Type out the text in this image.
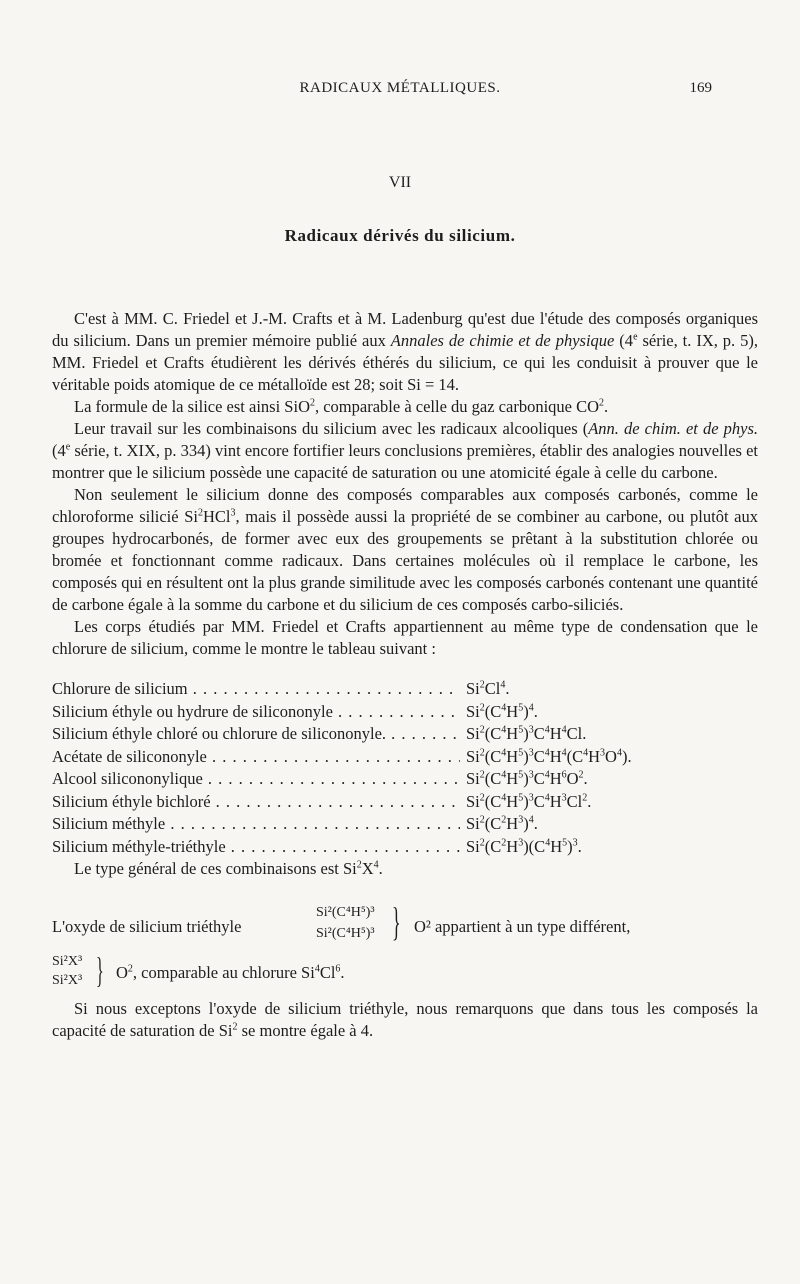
RADICAUX MÉTALLIQUES.	169
VII
Radicaux dérivés du silicium.

C'est à MM. C. Friedel et J.-M. Crafts et à M. Ladenburg qu'est due l'étude des composés organiques du silicium. Dans un premier mémoire publié aux Annales de chimie et de physique (4e série, t. IX, p. 5), MM. Friedel et Crafts étudièrent les dérivés éthérés du silicium, ce qui les conduisit à prouver que le véritable poids atomique de ce métalloïde est 28; soit Si = 14.

La formule de la silice est ainsi SiO$^2$, comparable à celle du gaz carbonique $CO^2$.

Leur travail sur les combinaisons du silicium avec les radicaux alcooliques (Ann. de chim. et de phys. (4e série, t. XIX, p. 334) vint encore fortifier leurs conclusions premières, établir des analogies nouvelles et montrer que le silicium possède une capacité de saturation ou une atomicité égale à celle du carbone.

Non seulement le silicium donne des composés comparables aux composés carbonés, comme le chloroforme silicié Si$^2$HCl$^3$, mais il possède aussi la propriété de se combiner au carbone, ou plutôt aux groupes hydrocarbonés, de former avec eux des groupements se prêtant à la substitution chlorée ou bromée et fonctionnant comme radicaux. Dans certaines molécules où il remplace le carbone, les composés qui en résultent ont la plus grande similitude avec les composés carbonés contenant une quantité de carbone égale à la somme du carbone et du silicium de ces composés carbo-siliciés.

Les corps étudiés par MM. Friedel et Crafts appartiennent au même type de condensation que le chlorure de silicium, comme le montre le tableau suivant :

Chlorure de silicium . . .	Si$^2$Cl$^4$.
Silicium éthyle ou hydrure de silicononyle . . .	$Si^2(C^4H^5)^4$.
Silicium éthyle chloré ou chlorure de silicononyle. . . .	$Si^2(C^4H^5)^3C^4H^4Cl$.
Acétate de silicononyle . . .	$Si^2(C^4H^5)^3C^4H^4(C^4H^3O^4)$.
Alcool silicononylique . . .	$Si^2(C^4H^5)^3C^4H^6O^2$.
Silicium éthyle bichloré . . .	$Si^2(C^4H^5)^3C^4H^3Cl^2$.
Silicium méthyle . . .	$Si^2(C^2H^3)^4$.
Silicium méthyle-triéthyle . . .	$Si^2(C^2H^3)(C^4H^5)^3$.

Le type général de ces combinaisons est $Si^2X^4$.

L'oxyde de silicium triéthyle
Si²(C⁴H⁵)³
Si²(C⁴H⁵)³ } O² appartient à un type différent,
Si²X³
Si²X³ } $O^2$, comparable au chlorure Si$^4$Cl$^6$.

Si nous exceptons l'oxyde de silicium triéthyle, nous remarquons que dans tous les composés la capacité de saturation de Si$^2$ se montre égale à 4.
